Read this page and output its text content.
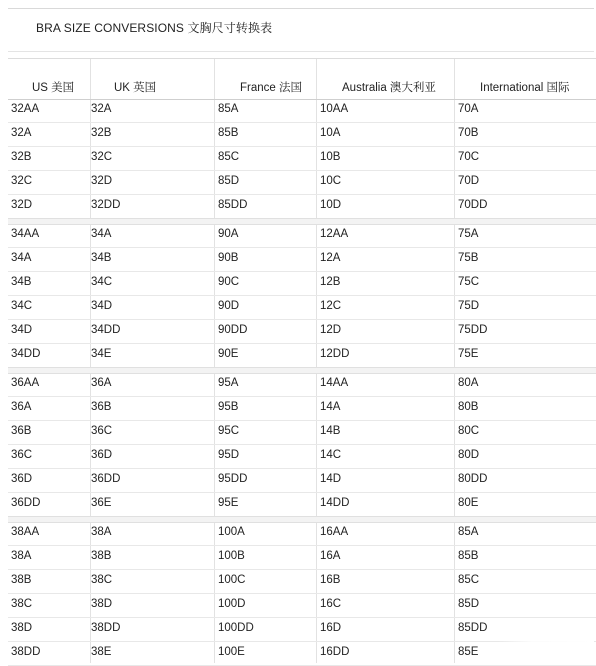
BRA SIZE CONVERSIONS 文胸尺寸转换表
US 美国	UK 英国	France 法国	Australia 澳大利亚	International 国际
32AA	32A	85A	10AA	70A
32A	32B	85B	10A	70B
32B	32C	85C	10B	70C
32C	32D	85D	10C	70D
32D	32DD	85DD	10D	70DD
34AA	34A	90A	12AA	75A
34A	34B	90B	12A	75B
34B	34C	90C	12B	75C
34C	34D	90D	12C	75D
34D	34DD	90DD	12D	75DD
34DD	34E	90E	12DD	75E
36AA	36A	95A	14AA	80A
36A	36B	95B	14A	80B
36B	36C	95C	14B	80C
36C	36D	95D	14C	80D
36D	36DD	95DD	14D	80DD
36DD	36E	95E	14DD	80E
38AA	38A	100A	16AA	85A
38A	38B	100B	16A	85B
38B	38C	100C	16B	85C
38C	38D	100D	16C	85D
38D	38DD	100DD	16D	85DD
38DD	38E	100E	16DD	85E
